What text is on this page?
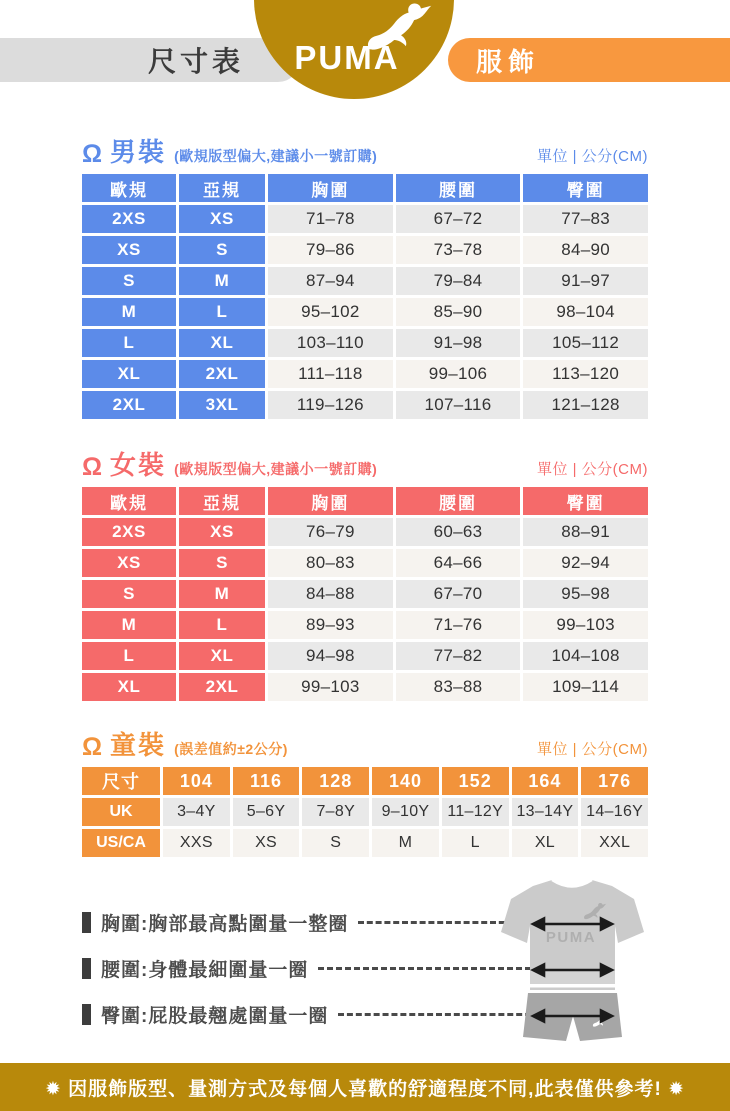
尺寸表	服飾
PUMA
Ω 男裝 (歐規版型偏大,建議小一號訂購)	單位 | 公分(CM)
歐規	亞規	胸圍	腰圍	臀圍
2XS	XS	71–78	67–72	77–83
XS	S	79–86	73–78	84–90
S	M	87–94	79–84	91–97
M	L	95–102	85–90	98–104
L	XL	103–110	91–98	105–112
XL	2XL	111–118	99–106	113–120
2XL	3XL	119–126	107–116	121–128
Ω 女裝 (歐規版型偏大,建議小一號訂購)	單位 | 公分(CM)
歐規	亞規	胸圍	腰圍	臀圍
2XS	XS	76–79	60–63	88–91
XS	S	80–83	64–66	92–94
S	M	84–88	67–70	95–98
M	L	89–93	71–76	99–103
L	XL	94–98	77–82	104–108
XL	2XL	99–103	83–88	109–114
Ω 童裝 (誤差值約±2公分)	單位 | 公分(CM)
尺寸	104	116	128	140	152	164	176
UK	3–4Y	5–6Y	7–8Y	9–10Y	11–12Y 13–14Y 14–16Y
US/CA	XXS	XS	S	M	L	XL	XXL
胸圍:胸部最高點圍量一整圈
腰圍:身體最細圍量一圈
臀圍:屁股最翹處圍量一圈
PUMA
✹ 因服飾版型、量測方式及每個人喜歡的舒適程度不同,此表僅供參考! ✹
